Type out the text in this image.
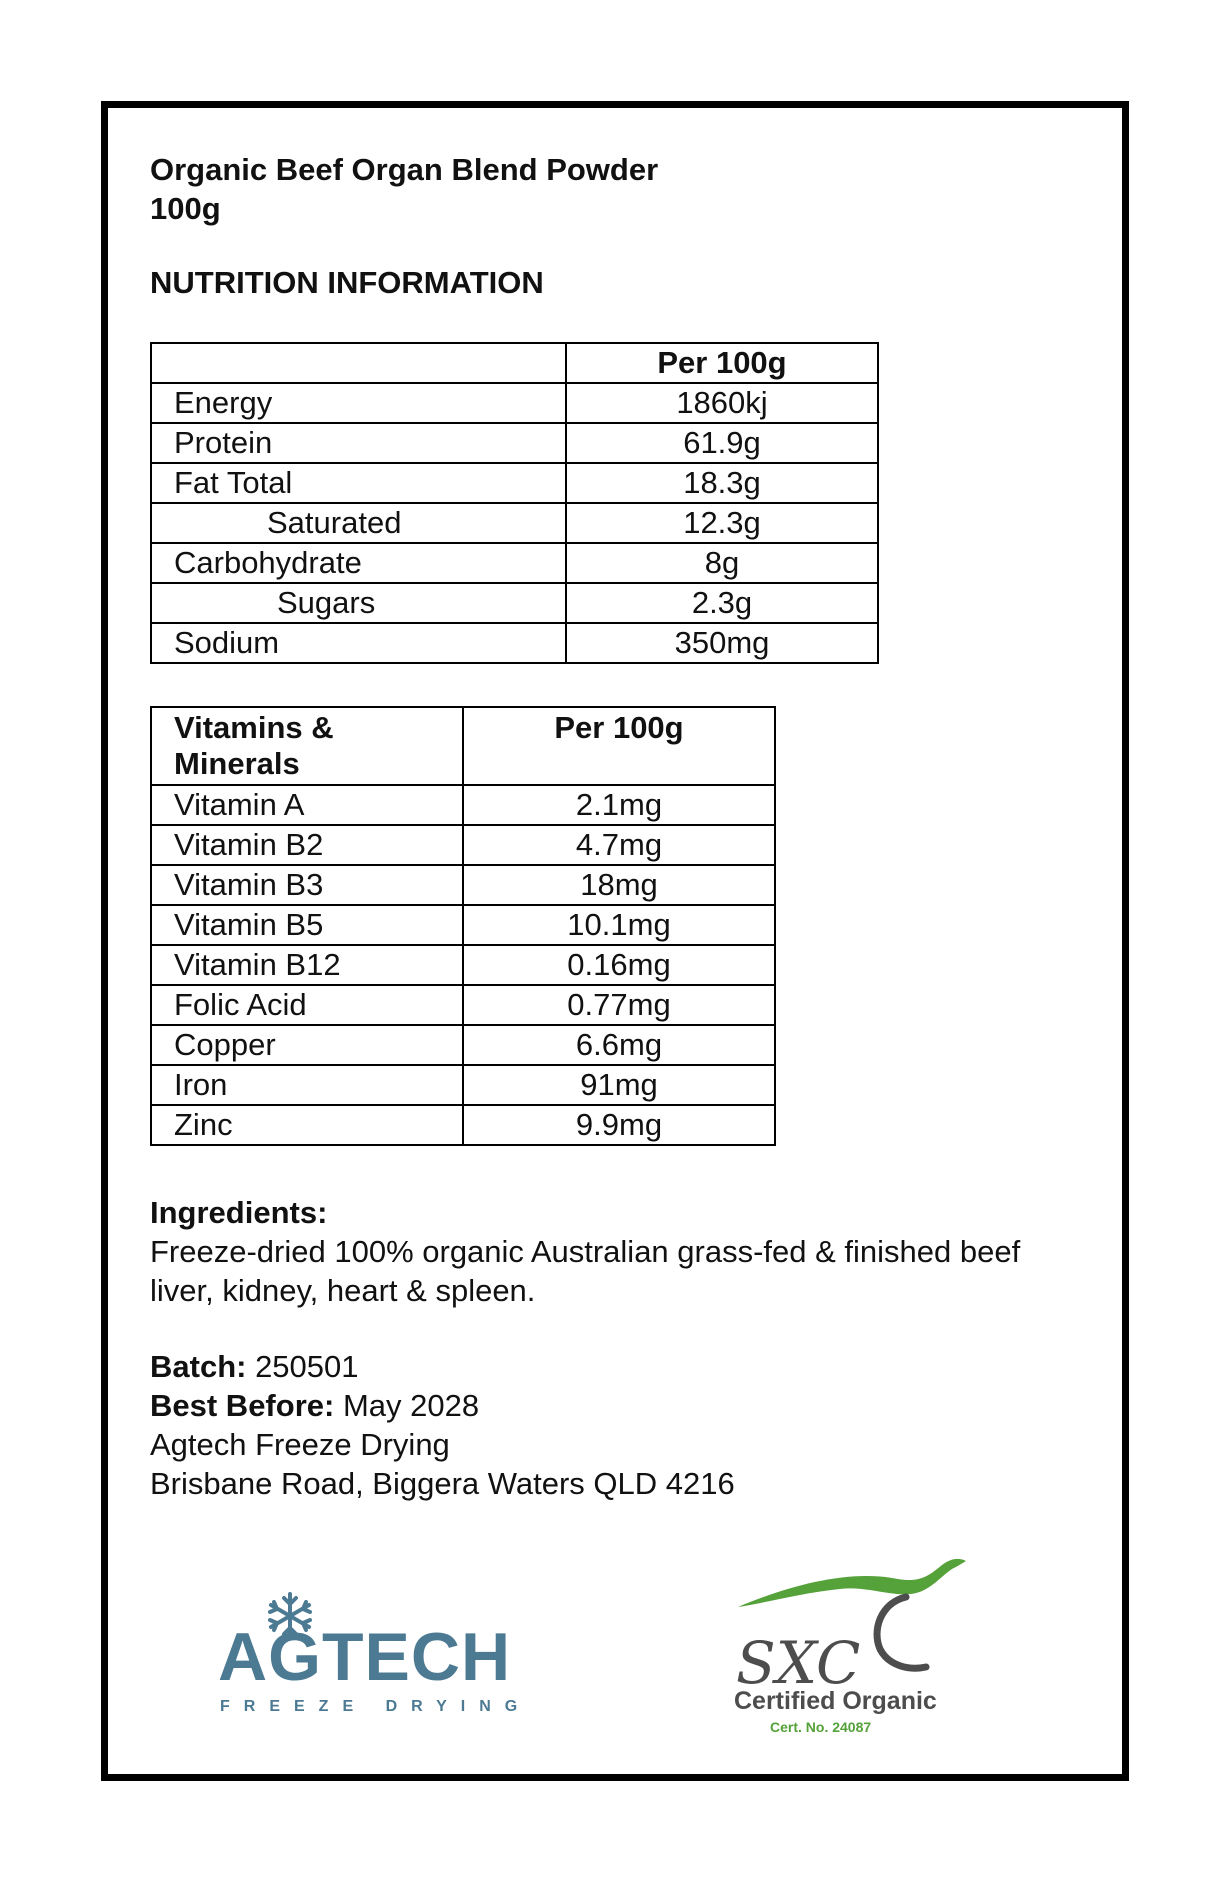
Organic Beef Organ Blend Powder
100g
NUTRITION INFORMATION
	Per 100g
Energy	1860kj
Protein	61.9g
Fat Total	18.3g
Saturated	12.3g
Carbohydrate	8g
Sugars	2.3g
Sodium	350mg
Vitamins &
Minerals	Per 100g
Vitamin A	2.1mg
Vitamin B2	4.7mg
Vitamin B3	18mg
Vitamin B5	10.1mg
Vitamin B12	0.16mg
Folic Acid	0.77mg
Copper	6.6mg
Iron	91mg
Zinc	9.9mg
Ingredients:
Freeze-dried 100% organic Australian grass-fed & finished beef liver, kidney, heart & spleen.
Batch: 250501
Best Before: May 2028
Agtech Freeze Drying
Brisbane Road, Biggera Waters QLD 4216
AGTECH
FREEZE DRYING
SXC
Certified Organic
Cert. No. 24087
